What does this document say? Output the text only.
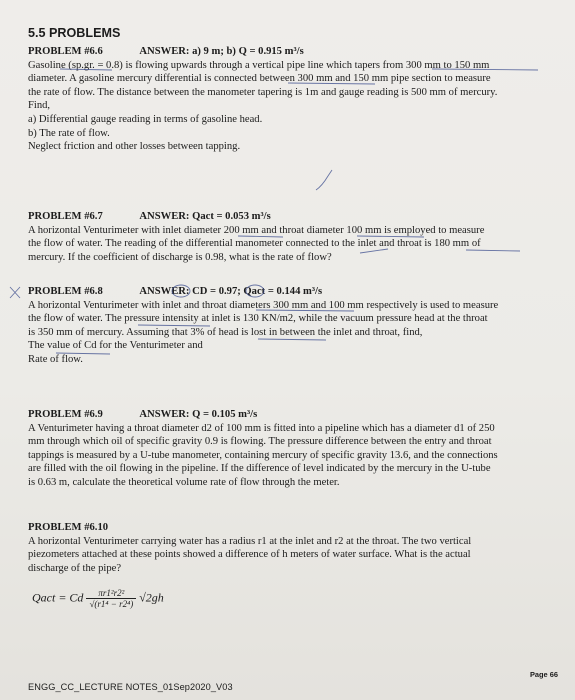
5.5 PROBLEMS
PROBLEM #6.6	ANSWER: a) 9 m; b) Q = 0.915 m³/s
Gasoline (sp.gr. = 0.8) is flowing upwards through a vertical pipe line which tapers from 300 mm to 150 mm
diameter. A gasoline mercury differential is connected between 300 mm and 150 mm pipe section to measure
the rate of flow. The distance between the manometer tapering is 1m and gauge reading is 500 mm of mercury.
Find,
a) Differential gauge reading in terms of gasoline head.
b) The rate of flow.
Neglect friction and other losses between tapping.
PROBLEM #6.7	ANSWER: Qact = 0.053 m³/s
A horizontal Venturimeter with inlet diameter 200 mm and throat diameter 100 mm is employed to measure
the flow of water. The reading of the differential manometer connected to the inlet and throat is 180 mm of
mercury. If the coefficient of discharge is 0.98, what is the rate of flow?
PROBLEM #6.8	ANSWER: CD = 0.97; Qact = 0.144 m³/s
A horizontal Venturimeter with inlet and throat diameters 300 mm and 100 mm respectively is used to measure
the flow of water. The pressure intensity at inlet is 130 KN/m2, while the vacuum pressure head at the throat
is 350 mm of mercury. Assuming that 3% of head is lost in between the inlet and throat, find,
The value of Cd for the Venturimeter and
Rate of flow.
PROBLEM #6.9	ANSWER: Q = 0.105 m³/s
A Venturimeter having a throat diameter d2 of 100 mm is fitted into a pipeline which has a diameter d1 of 250
mm through which oil of specific gravity 0.9 is flowing. The pressure difference between the entry and throat
tappings is measured by a U-tube manometer, containing mercury of specific gravity 13.6, and the connections
are filled with the oil flowing in the pipeline. If the difference of level indicated by the mercury in the U-tube
is 0.63 m, calculate the theoretical volume rate of flow through the meter.
PROBLEM #6.10
A horizontal Venturimeter carrying water has a radius r1 at the inlet and r2 at the throat. The two vertical
piezometers attached at these points showed a difference of h meters of water surface. What is the actual
discharge of the pipe?
Qact = Cd $\frac{\text{πr1²r2²}}{\text{√(r1⁴ − r2⁴)}} √2gh$
Page 66
ENGG_CC_LECTURE NOTES_01Sep2020_V03
